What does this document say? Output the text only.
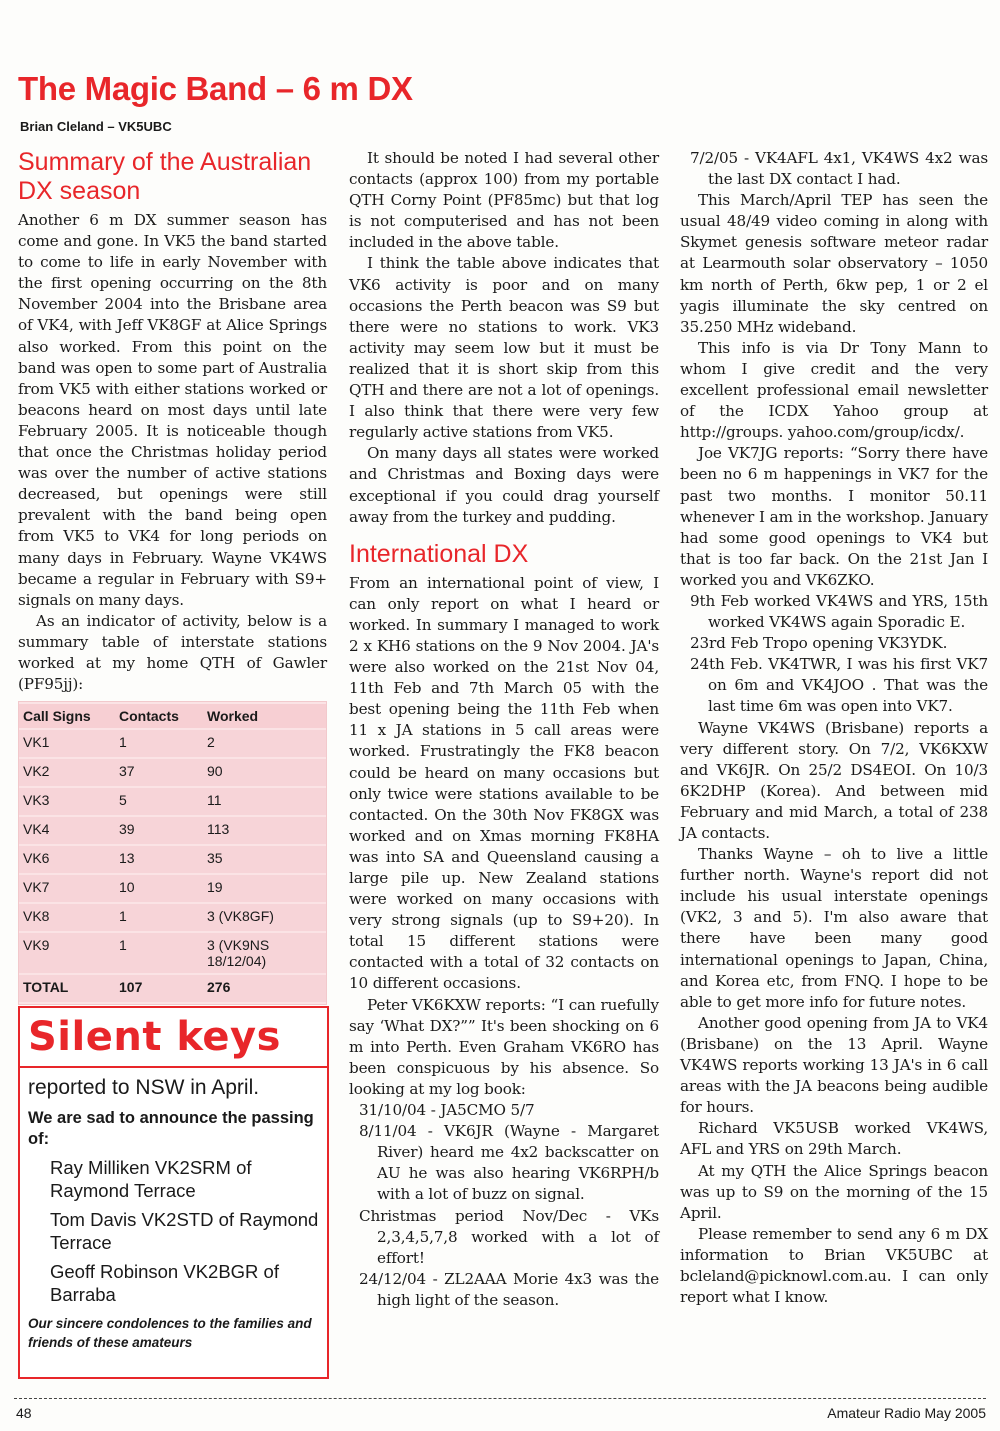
The Magic Band – 6 m DX
Brian Cleland – VK5UBC
Summary of the Australian DX season

Another 6 m DX summer season has come and gone. In VK5 the band started to come to life in early November with the first opening occurring on the 8th November 2004 into the Brisbane area of VK4, with Jeff VK8GF at Alice Springs also worked. From this point on the band was open to some part of Australia from VK5 with either stations worked or beacons heard on most days until late February 2005. It is noticeable though that once the Christmas holiday period was over the number of active stations decreased, but openings were still prevalent with the band being open from VK5 to VK4 for long periods on many days in February. Wayne VK4WS became a regular in February with S9+ signals on many days.

As an indicator of activity, below is a summary table of interstate stations worked at my home QTH of Gawler (PF95jj):

Call Signs	Contacts	Worked
VK1	1	2
VK2	37	90
VK3	5	11
VK4	39	113
VK6	13	35
VK7	10	19
VK8	1	3 (VK8GF)
VK9	1	3 (VK9NS 18/12/04)
TOTAL	107	276
Silent keys
reported to NSW in April.
We are sad to announce the passing of:
Ray Milliken VK2SRM of Raymond Terrace
Tom Davis VK2STD of Raymond Terrace
Geoff Robinson VK2BGR of Barraba
Our sincere condolences to the families and friends of these amateurs

It should be noted I had several other contacts (approx 100) from my portable QTH Corny Point (PF85mc) but that log is not computerised and has not been included in the above table.

I think the table above indicates that VK6 activity is poor and on many occasions the Perth beacon was S9 but there were no stations to work. VK3 activity may seem low but it must be realized that it is short skip from this QTH and there are not a lot of openings. I also think that there were very few regularly active stations from VK5.

On many days all states were worked and Christmas and Boxing days were exceptional if you could drag yourself away from the turkey and pudding.

International DX

From an international point of view, I can only report on what I heard or worked. In summary I managed to work 2 x KH6 stations on the 9 Nov 2004. JA's were also worked on the 21st Nov 04, 11th Feb and 7th March 05 with the best opening being the 11th Feb when 11 x JA stations in 5 call areas were worked. Frustratingly the FK8 beacon could be heard on many occasions but only twice were stations available to be contacted. On the 30th Nov FK8GX was worked and on Xmas morning FK8HA was into SA and Queensland causing a large pile up. New Zealand stations were worked on many occasions with very strong signals (up to S9+20). In total 15 different stations were contacted with a total of 32 contacts on 10 different occasions.

Peter VK6KXW reports: “I can ruefully say ‘What DX?”” It's been shocking on 6 m into Perth. Even Graham VK6RO has been conspicuous by his absence. So looking at my log book:

31/10/04 - JA5CMO 5/7

8/11/04 - VK6JR (Wayne - Margaret River) heard me 4x2 backscatter on AU he was also hearing VK6RPH/b with a lot of buzz on signal.

Christmas period Nov/Dec - VKs 2,3,4,5,7,8 worked with a lot of effort!

24/12/04 - ZL2AAA Morie 4x3 was the high light of the season.

7/2/05 - VK4AFL 4x1, VK4WS 4x2 was the last DX contact I had.

This March/April TEP has seen the usual 48/49 video coming in along with Skymet genesis software meteor radar at Learmouth solar observatory – 1050 km north of Perth, 6kw pep, 1 or 2 el yagis illuminate the sky centred on 35.250 MHz wideband.

This info is via Dr Tony Mann to whom I give credit and the very excellent professional email newsletter of the ICDX Yahoo group at http://groups. yahoo.com/group/icdx/.

Joe VK7JG reports: “Sorry there have been no 6 m happenings in VK7 for the past two months. I monitor 50.11 whenever I am in the workshop. January had some good openings to VK4 but that is too far back. On the 21st Jan I worked you and VK6ZKO.

9th Feb worked VK4WS and YRS, 15th worked VK4WS again Sporadic E.

23rd Feb Tropo opening VK3YDK.

24th Feb. VK4TWR, I was his first VK7 on 6m and VK4JOO . That was the last time 6m was open into VK7.

Wayne VK4WS (Brisbane) reports a very different story. On 7/2, VK6KXW and VK6JR. On 25/2 DS4EOI. On 10/3 6K2DHP (Korea). And between mid February and mid March, a total of 238 JA contacts.

Thanks Wayne – oh to live a little further north. Wayne's report did not include his usual interstate openings (VK2, 3 and 5). I'm also aware that there have been many good international openings to Japan, China, and Korea etc, from FNQ. I hope to be able to get more info for future notes.

Another good opening from JA to VK4 (Brisbane) on the 13 April. Wayne VK4WS reports working 13 JA's in 6 call areas with the JA beacons being audible for hours.

Richard VK5USB worked VK4WS, AFL and YRS on 29th March.

At my QTH the Alice Springs beacon was up to S9 on the morning of the 15 April.

Please remember to send any 6 m DX information to Brian VK5UBC at bcleland@picknowl.com.au. I can only report what I know.

48	Amateur Radio May 2005
